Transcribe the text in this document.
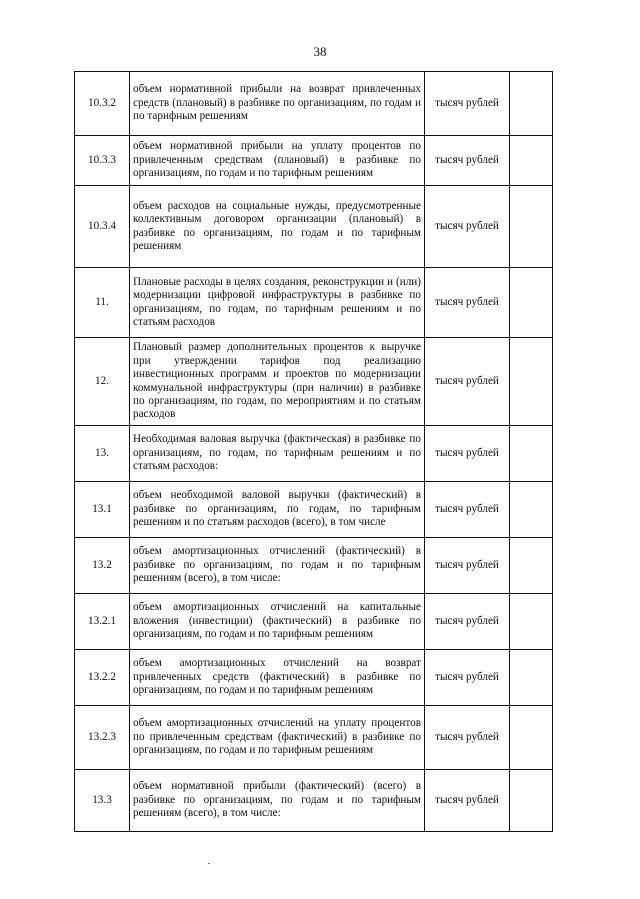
38
10.3.2	объем нормативной прибыли на возврат привлеченных средств (плановый) в разбивке по организациям, по годам и по тарифным решениям	тысяч рублей	
10.3.3	объем нормативной прибыли на уплату процентов по привлеченным средствам (плановый) в разбивке по организациям, по годам и по тарифным решениям	тысяч рублей	
10.3.4	объем расходов на социальные нужды, предусмотренные коллективным договором организации (плановый) в разбивке по организациям, по годам и по тарифным решениям	тысяч рублей	
11.	Плановые расходы в целях создания, реконструкции и (или) модернизации цифровой инфраструктуры в разбивке по организациям, по годам, по тарифным решениям и по статьям расходов	тысяч рублей	
12.	Плановый размер дополнительных процентов к выручке при утверждении тарифов под реализацию инвестиционных программ и проектов по модернизации коммунальной инфраструктуры (при наличии) в разбивке по организациям, по годам, по мероприятиям и по статьям расходов	тысяч рублей	
13.	Необходимая валовая выручка (фактическая) в разбивке по организациям, по годам, по тарифным решениям и по статьям расходов:	тысяч рублей	
13.1	объем необходимой валовой выручки (фактический) в разбивке по организациям, по годам, по тарифным решениям и по статьям расходов (всего), в том числе	тысяч рублей	
13.2	объем амортизационных отчислений (фактический) в разбивке по организациям, по годам и по тарифным решениям (всего), в том числе:	тысяч рублей	
13.2.1	объем амортизационных отчислений на капитальные вложения (инвестиции) (фактический) в разбивке по организациям, по годам и по тарифным решениям	тысяч рублей	
13.2.2	объем амортизационных отчислений на возврат привлеченных средств (фактический) в разбивке по организациям, по годам и по тарифным решениям	тысяч рублей	
13.2.3	объем амортизационных отчислений на уплату процентов по привлеченным средствам (фактический) в разбивке по организациям, по годам и по тарифным решениям	тысяч рублей	
13.3	объем нормативной прибыли (фактический) (всего) в разбивке по организациям, по годам и по тарифным решениям (всего), в том числе:	тысяч рублей	
